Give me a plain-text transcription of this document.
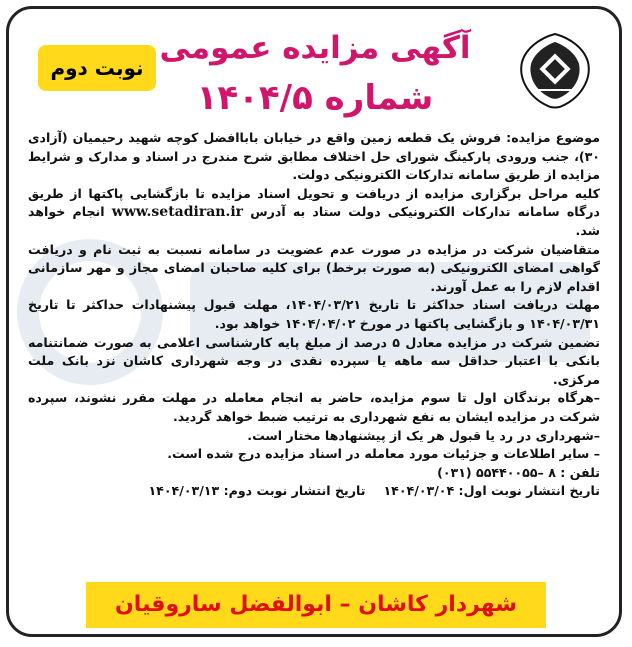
آگهی مزایده عمومی
شماره ۱۴۰۴/۵
نوبت دوم

موضوع مزایده: فروش یک قطعه زمین واقع در خیابان باباافضل کوچه شهید رحیمیان (آزادی ۳۰)، جنب ورودی پارکینگ شورای حل اختلاف مطابق شرح مندرج در اسناد و مدارک و شرایط مزایده از طریق سامانه تدارکات الکترونیکی دولت.

کلیه مراحل برگزاری مزایده از دریافت و تحویل اسناد مزایده تا بازگشایی پاکتها از طریق درگاه سامانه تدارکات الکترونیکی دولت ستاد به آدرس www.setadiran.ir انجام خواهد شد.

متقاضیان شرکت در مزایده در صورت عدم عضویت در سامانه نسبت به ثبت نام و دریافت گواهی امضای الکترونیکی (به صورت برخط) برای کلیه صاحبان امضای مجاز و مهر سازمانی اقدام لازم را به عمل آورند.

مهلت دریافت اسناد حداکثر تا تاریخ ۱۴۰۴/۰۳/۲۱، مهلت قبول پیشنهادات حداکثر تا تاریخ ۱۴۰۴/۰۳/۳۱ و بازگشایی پاکتها در مورخ ۱۴۰۴/۰۴/۰۲ خواهد بود.

تضمین شرکت در مزایده معادل ۵ درصد از مبلغ پایه کارشناسی اعلامی به صورت ضمانتنامه بانکی با اعتبار حداقل سه ماهه یا سپرده نقدی در وجه شهرداری کاشان نزد بانک ملت مرکزی.

–هرگاه برندگان اول تا سوم مزایده، حاضر به انجام معامله در مهلت مقرر نشوند، سپرده شرکت در مزایده ایشان به نفع شهرداری به ترتیب ضبط خواهد گردید.

–شهرداری در رد یا قبول هر یک از پیشنهادها مختار است.

– سایر اطلاعات و جزئیات مورد معامله در اسناد مزایده درج شده است.

تلفن : ۸ –۵۵۴۴۰۰۵۵ (۰۳۱)

تاریخ انتشار نوبت اول: ۱۴۰۴/۰۳/۰۴
تاریخ انتشار نوبت دوم: ۱۴۰۴/۰۳/۱۳
شهردار کاشان – ابوالفضل ساروقیان
